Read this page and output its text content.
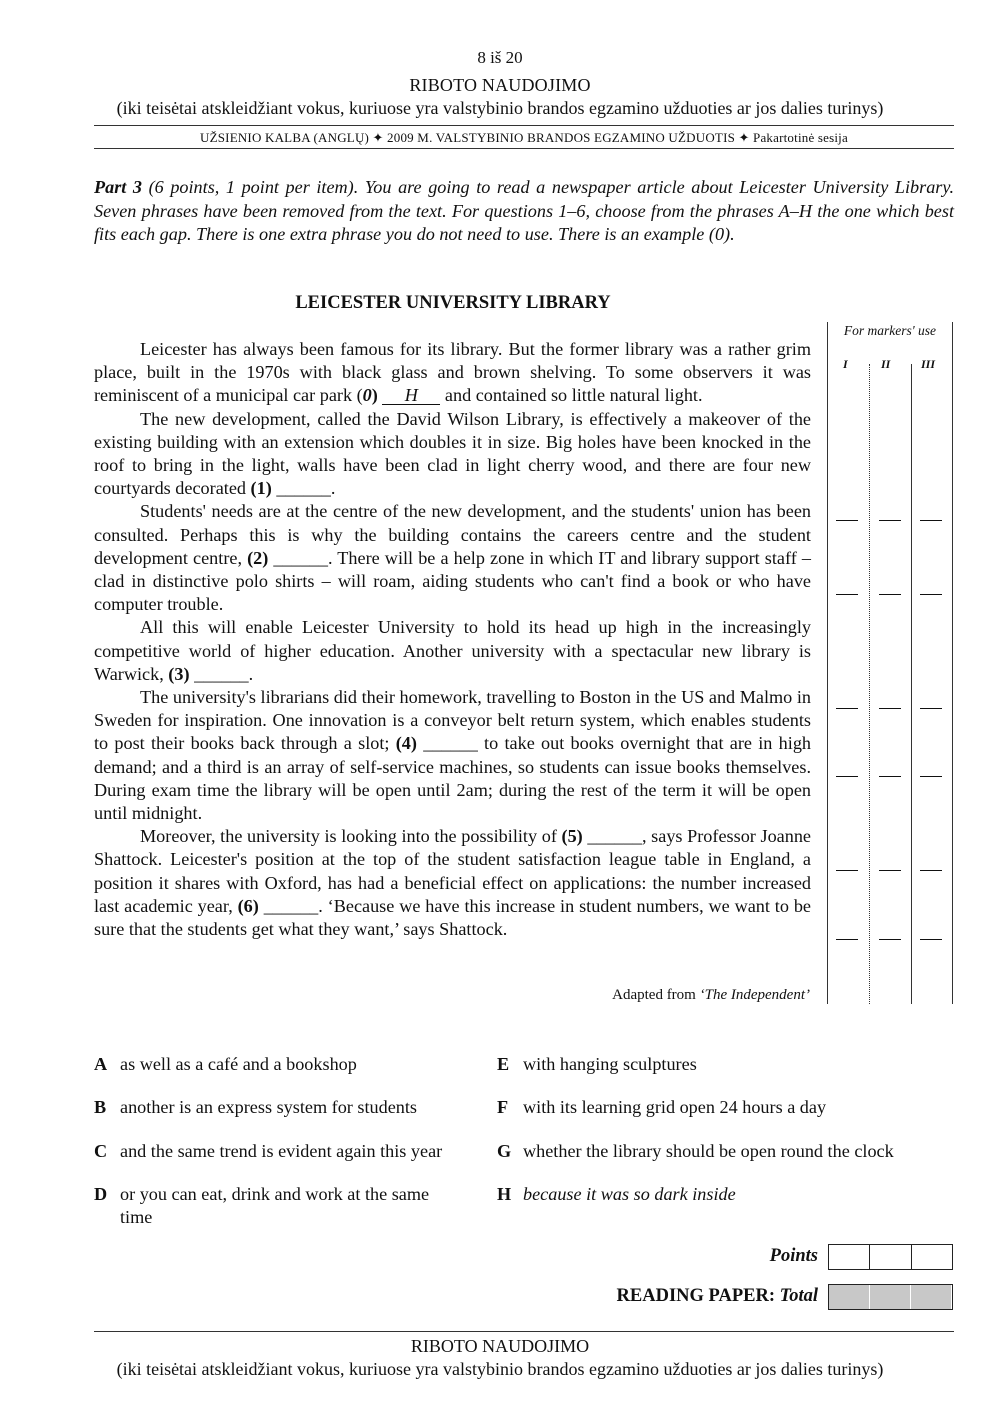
8 iš 20
RIBOTO NAUDOJIMO
(iki teisėtai atskleidžiant vokus, kuriuose yra valstybinio brandos egzamino užduoties ar jos dalies turinys)
UŽSIENIO KALBA (ANGLŲ) ✦ 2009 M. VALSTYBINIO BRANDOS EGZAMINO UŽDUOTIS ✦ Pakartotinė sesija
Part 3 (6 points, 1 point per item). You are going to read a newspaper article about Leicester University Library. Seven phrases have been removed from the text. For questions 1–6, choose from the phrases A–H the one which best fits each gap. There is one extra phrase you do not need to use. There is an example (0).
LEICESTER UNIVERSITY LIBRARY

Leicester has always been famous for its library. But the former library was a rather grim place, built in the 1970s with black glass and brown shelving. To some observers it was reminiscent of a municipal car park (0) H and contained so little natural light.

The new development, called the David Wilson Library, is effectively a makeover of the existing building with an extension which doubles it in size. Big holes have been knocked in the roof to bring in the light, walls have been clad in light cherry wood, and there are four new courtyards decorated (1) ______.

Students' needs are at the centre of the new development, and the students' union has been consulted. Perhaps this is why the building contains the careers centre and the student development centre, (2) ______. There will be a help zone in which IT and library support staff – clad in distinctive polo shirts – will roam, aiding students who can't find a book or who have computer trouble.

All this will enable Leicester University to hold its head up high in the increasingly competitive world of higher education. Another university with a spectacular new library is Warwick, (3) ______.

The university's librarians did their homework, travelling to Boston in the US and Malmo in Sweden for inspiration. One innovation is a conveyor belt return system, which enables students to post their books back through a slot; (4) ______ to take out books overnight that are in high demand; and a third is an array of self-service machines, so students can issue books themselves. During exam time the library will be open until 2am; during the rest of the term it will be open until midnight.

Moreover, the university is looking into the possibility of (5) ______, says Professor Joanne Shattock. Leicester's position at the top of the student satisfaction league table in England, a position it shares with Oxford, has had a beneficial effect on applications: the number increased last academic year, (6) ______. ‘Because we have this increase in student numbers, we want to be sure that the students get what they want,’ says Shattock.

Adapted from ‘The Independent’
For markers' use
I	II	III
A as well as a café and a bookshop
B another is an express system for students
C and the same trend is evident again this year
D or you can eat, drink and work at the same
time
E with hanging sculptures
F with its learning grid open 24 hours a day
G whether the library should be open round the clock
H because it was so dark inside
Points
READING PAPER: Total
RIBOTO NAUDOJIMO
(iki teisėtai atskleidžiant vokus, kuriuose yra valstybinio brandos egzamino užduoties ar jos dalies turinys)
